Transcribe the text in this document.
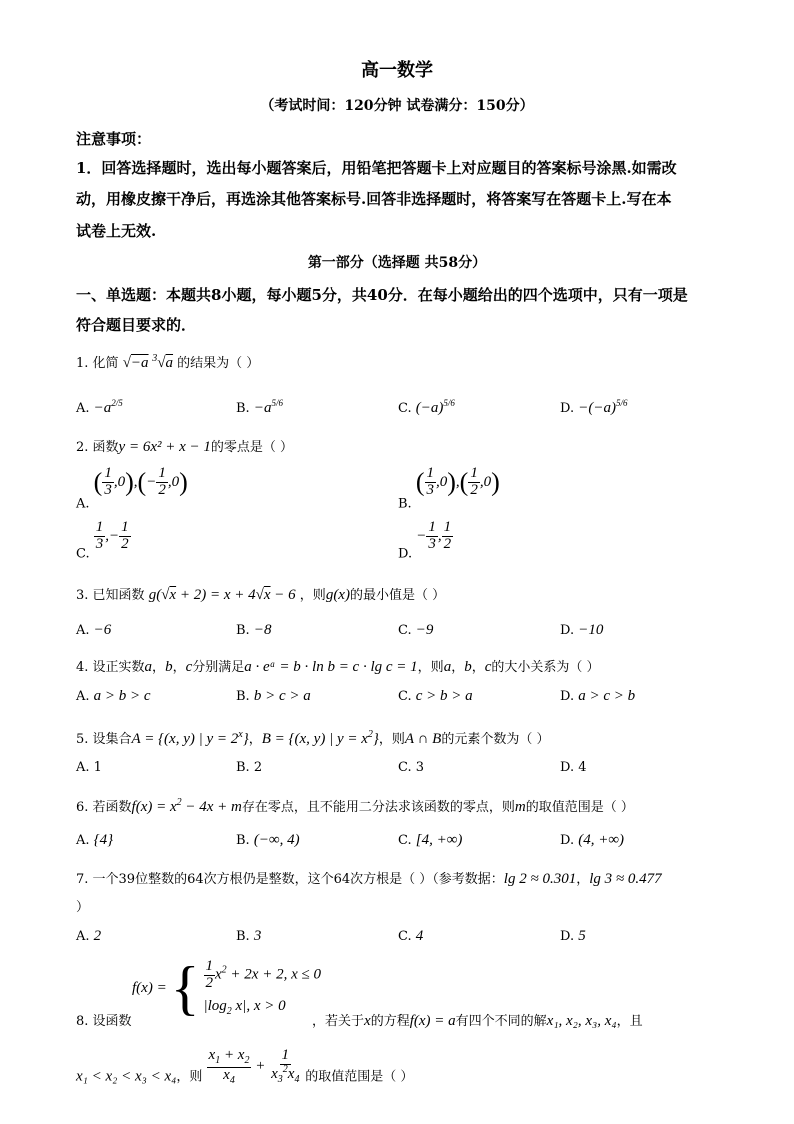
高一数学
（考试时间：120分钟 试卷满分：150分）
注意事项：
1．回答选择题时，选出每小题答案后，用铅笔把答题卡上对应题目的答案标号涂黑.如需改
动，用橡皮擦干净后，再选涂其他答案标号.回答非选择题时，将答案写在答题卡上.写在本
试卷上无效.
第一部分（选择题 共58分）
一、单选题：本题共8小题，每小题5分，共40分．在每小题给出的四个选项中，只有一项是
符合题目要求的．
1. 化简 √−a $^3$√a 的结果为（ ）
A. $-a^{2/5}$	B. $-a^{5/6}$	C. $(-a)^{5/6}$	D. $-(-a)^{5/6}$
2. 函数y = 6x² + x − 1的零点是（ ）
A. ( $\frac{1}{3} ,0),(- \frac{1}{2} ,0)$
B. ( $\frac{1}{3} ,0),( \frac{1}{2} ,0)$
C.
$\frac{1}{3}$ ,− $\frac{1}{2}$
D. − $\frac{1}{3}$ , $\frac{1}{2}$
3. 已知函数 g(√x + 2) = x + 4√x − 6 ，则g(x)的最小值是（ ）
A. −6	B. −8	C. −9	D. −10
4. 设正实数a，b，c分别满足a · eᵃ = b · ln b = c · lg c = 1，则a，b，c的大小关系为（ ）
A. a > b > c	B. b > c > a	C. c > b > a	D. a > c > b
5. 设集合A = {(x, y) | $y = 2^x$}，B = {(x, y) | $y = x^2$}，则A ∩ B的元素个数为（ ）
A. 1	B. 2	C. 3	D. 4
6. 若函数$f(x) = x^2 - 4x + m$存在零点，且不能用二分法求该函数的零点，则m的取值范围是（ ）
A. {4}	B. (−∞, 4)	C. [4, +∞)	D. (4, +∞)
7. 一个39位整数的64次方根仍是整数，这个64次方根是（ ）（参考数据：lg 2 ≈ 0.301，lg 3 ≈ 0.477
）
A. 2	B. 3	C. 4	D. 5
f(x) = { $\frac{1}{2} x^2 + 2x + 2$, x ≤ 0
$|\log_2$ x|, x > 0
8. 设函数	，若关于x的方程f(x) = a有四个不同的解x₁, x₂, x₃, x₄，且
x₁ < x₂ < x₃ < x₄，则 $\frac{x_1 + x_2}{x_4} + \frac{1}{x_3^2x_4}$ 的取值范围是（ ）
